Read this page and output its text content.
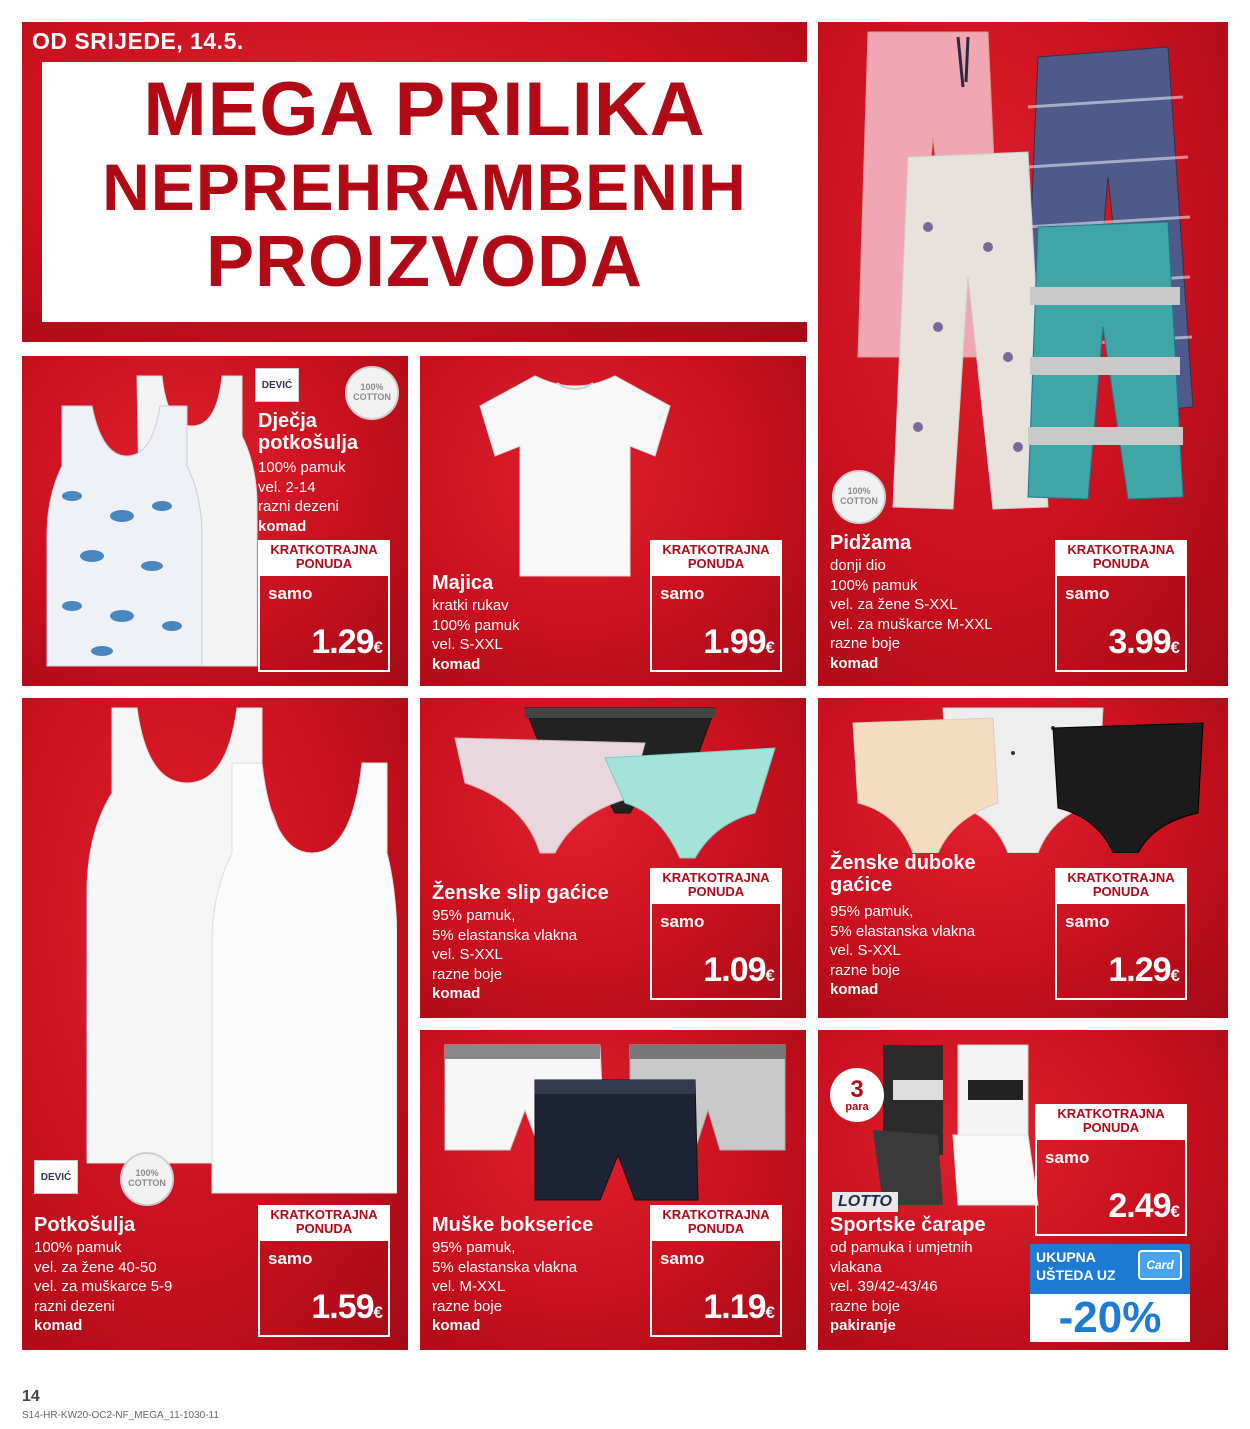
OD SRIJEDE, 14.5.
MEGA PRILIKA
NEPREHRAMBENIH
PROIZVODA
DEVIĆ	100%
COTTON
Dječja potkošulja
100% pamuk
vel. 2-14
razni dezeni
komad
KRATKOTRAJNA
PONUDA
samo
1.29€
Majica
kratki rukav
100% pamuk
vel. S-XXL
komad
KRATKOTRAJNA
PONUDA
samo
1.99€
100%
COTTON
Pidžama
donji dio
100% pamuk
vel. za žene S-XXL
vel. za muškarce M-XXL
razne boje
komad
KRATKOTRAJNA
PONUDA
samo
3.99€
Ženske slip gaćice
95% pamuk,
5% elastanska vlakna
vel. S-XXL
razne boje
komad
KRATKOTRAJNA
PONUDA
samo
1.09€
Ženske duboke gaćice
95% pamuk,
5% elastanska vlakna
vel. S-XXL
razne boje
komad
KRATKOTRAJNA
PONUDA
samo
1.29€
DEVIĆ	100%
COTTON
Potkošulja
100% pamuk
vel. za žene 40-50
vel. za muškarce 5-9
razni dezeni
komad
KRATKOTRAJNA
PONUDA
samo
1.59€
Muške bokserice
95% pamuk,
5% elastanska vlakna
vel. M-XXL
razne boje
komad
KRATKOTRAJNA
PONUDA
samo
1.19€
3
para
LOTTO
Sportske čarape
od pamuka i umjetnih
vlakana
vel. 39/42-43/46
razne boje
pakiranje
KRATKOTRAJNA
PONUDA
samo
2.49€
UKUPNA
UŠTEDA UZ
Card
-20%
14
S14-HR-KW20-OC2-NF_MEGA_11-1030-11
